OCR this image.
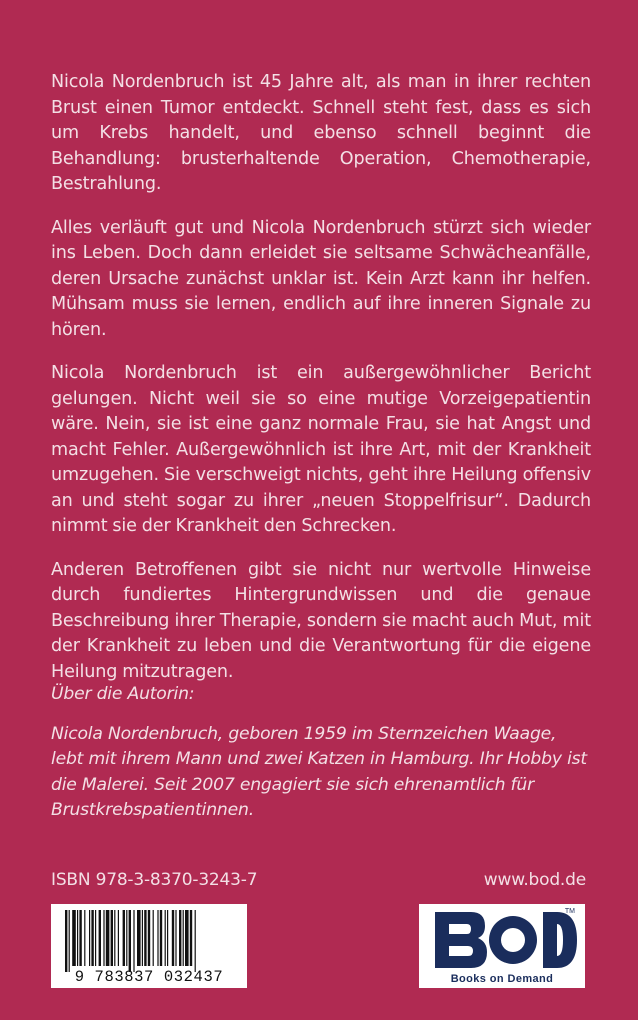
Nicola Nordenbruch ist 45 Jahre alt, als man in ihrer rechten Brust einen Tumor entdeckt. Schnell steht fest, dass es sich um Krebs handelt, und ebenso schnell beginnt die Behandlung: brusterhaltende Operation, Chemotherapie, Bestrahlung.

Alles verläuft gut und Nicola Nordenbruch stürzt sich wieder ins Leben. Doch dann erleidet sie seltsame Schwächeanfälle, deren Ursache zunächst unklar ist. Kein Arzt kann ihr helfen. Mühsam muss sie lernen, endlich auf ihre inneren Signale zu hören.

Nicola Nordenbruch ist ein außergewöhnlicher Bericht gelungen. Nicht weil sie so eine mutige Vorzeigepatientin wäre. Nein, sie ist eine ganz normale Frau, sie hat Angst und macht Fehler. Außergewöhnlich ist ihre Art, mit der Krankheit umzugehen. Sie verschweigt nichts, geht ihre Heilung offensiv an und steht sogar zu ihrer „neuen Stoppelfrisur“. Dadurch nimmt sie der Krankheit den Schrecken.

Anderen Betroffenen gibt sie nicht nur wertvolle Hinweise durch fundiertes Hintergrundwissen und die genaue Beschreibung ihrer Therapie, sondern sie macht auch Mut, mit der Krankheit zu leben und die Verantwortung für die eigene Heilung mitzutragen.

Über die Autorin:

Nicola Nordenbruch, geboren 1959 im Sternzeichen Waage, lebt mit ihrem Mann und zwei Katzen in Hamburg. Ihr Hobby ist die Malerei. Seit 2007 engagiert sie sich ehrenamtlich für Brustkrebspatientinnen.

ISBN 978-3-8370-3243-7	www.bod.de
9 783837 032437
TM
Books on Demand
